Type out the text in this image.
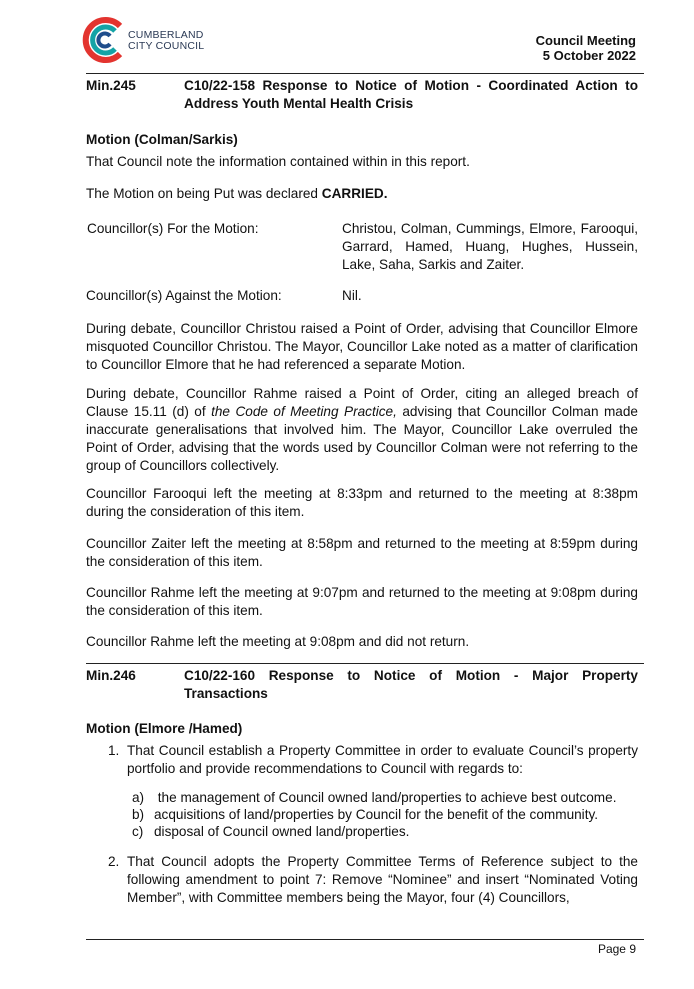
CUMBERLAND
CITY COUNCIL	Council Meeting
5 October 2022
Min.245	C10/22-158 Response to Notice of Motion - Coordinated Action to Address Youth Mental Health Crisis
Motion (Colman/Sarkis)
That Council note the information contained within in this report.
The Motion on being Put was declared CARRIED.
Councillor(s) For the Motion:	Christou, Colman, Cummings, Elmore, Farooqui, Garrard, Hamed, Huang, Hughes, Hussein, Lake, Saha, Sarkis and Zaiter.
Councillor(s) Against the Motion:	Nil.
During debate, Councillor Christou raised a Point of Order, advising that Councillor Elmore misquoted Councillor Christou. The Mayor, Councillor Lake noted as a matter of clarification to Councillor Elmore that he had referenced a separate Motion.
During debate, Councillor Rahme raised a Point of Order, citing an alleged breach of Clause 15.11 (d) of the Code of Meeting Practice, advising that Councillor Colman made inaccurate generalisations that involved him. The Mayor, Councillor Lake overruled the Point of Order, advising that the words used by Councillor Colman were not referring to the group of Councillors collectively.
Councillor Farooqui left the meeting at 8:33pm and returned to the meeting at 8:38pm during the consideration of this item.
Councillor Zaiter left the meeting at 8:58pm and returned to the meeting at 8:59pm during the consideration of this item.
Councillor Rahme left the meeting at 9:07pm and returned to the meeting at 9:08pm during the consideration of this item.
Councillor Rahme left the meeting at 9:08pm and did not return.
Min.246	C10/22-160 Response to Notice of Motion - Major Property Transactions
Motion (Elmore /Hamed)
1. That Council establish a Property Committee in order to evaluate Council’s property portfolio and provide recommendations to Council with regards to:
a) the management of Council owned land/properties to achieve best outcome.
b) acquisitions of land/properties by Council for the benefit of the community.
c) disposal of Council owned land/properties.
2. That Council adopts the Property Committee Terms of Reference subject to the following amendment to point 7: Remove “Nominee” and insert “Nominated Voting Member”, with Committee members being the Mayor, four (4) Councillors,
Page 9
